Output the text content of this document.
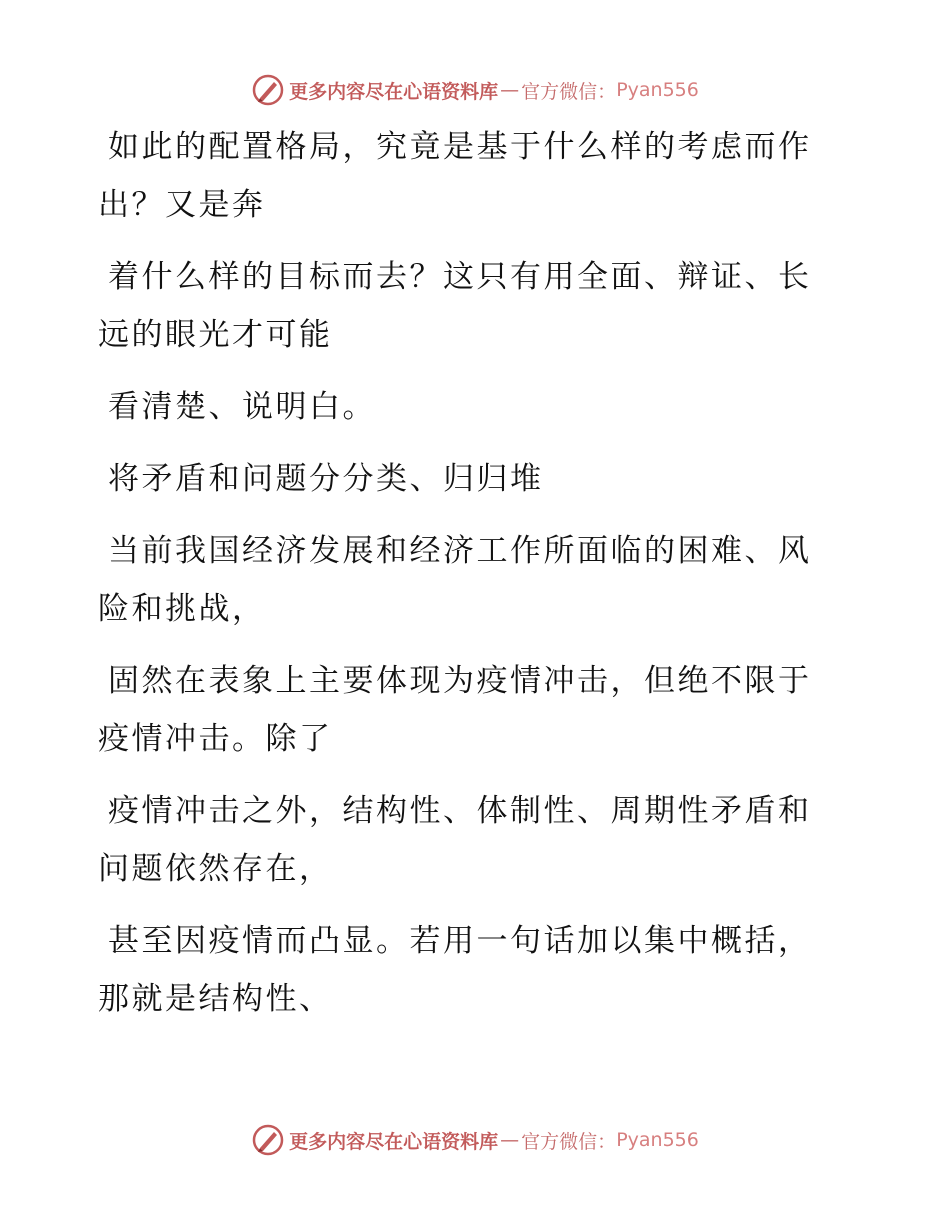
更多内容尽在心语资料库 — 官方微信： Pyan556

如此的配置格局，究竟是基于什么样的考虑而作出？又是奔

着什么样的目标而去？这只有用全面、辩证、长远的眼光才可能

看清楚、说明白。

将矛盾和问题分分类、归归堆

当前我国经济发展和经济工作所面临的困难、风险和挑战，

固然在表象上主要体现为疫情冲击，但绝不限于疫情冲击。除了

疫情冲击之外，结构性、体制性、周期性矛盾和问题依然存在，

甚至因疫情而凸显。若用一句话加以集中概括，那就是结构性、

更多内容尽在心语资料库 — 官方微信： Pyan556
